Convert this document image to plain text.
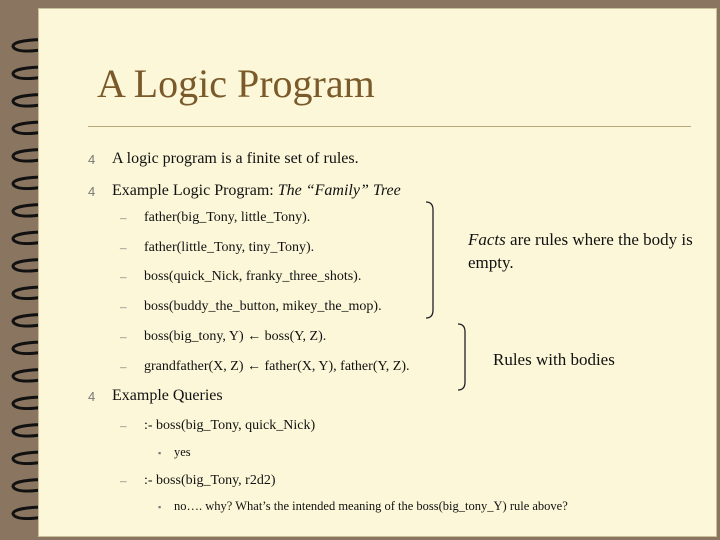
A Logic Program
4 A logic program is a finite set of rules.
4 Example Logic Program: The “Family” Tree
– father(big_Tony, little_Tony).
– father(little_Tony, tiny_Tony).
– boss(quick_Nick, franky_three_shots).
– boss(buddy_the_button, mikey_the_mop).
– boss(big_tony, Y) ← boss(Y, Z).
– grandfather(X, Z) ← father(X, Y), father(Y, Z).
Facts are rules where the body is empty.
Rules with bodies
4 Example Queries
– :- boss(big_Tony, quick_Nick)
▪ yes
– :- boss(big_Tony, r2d2)
▪ no…. why? What’s the intended meaning of the boss(big_tony_Y) rule above?
